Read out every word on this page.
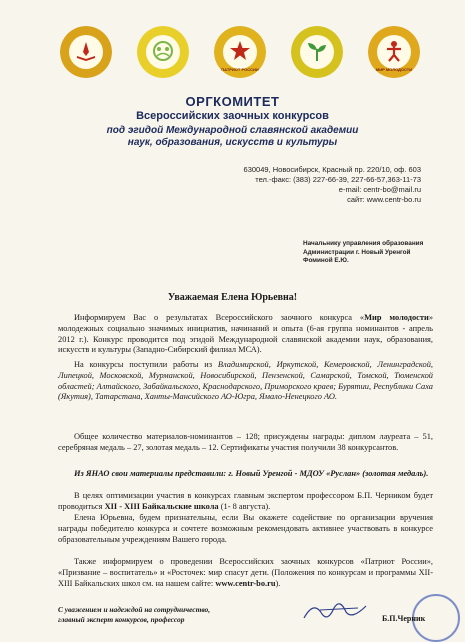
ПАТРИОТ РОССИИ	МИР МОЛОДОСТИ
ОРГКОМИТЕТ
Всероссийских заочных конкурсов
под эгидой Международной славянской академии
наук, образования, искусств и культуры
630049, Новосибирск, Красный пр. 220/10, оф. 603
тел.-факс: (383) 227-66-39, 227-66-57,363-11-73
e-mail: centr-bo@mail.ru
сайт: www.centr-bo.ru
Начальнику управления образования
Администрации г. Новый Уренгой
Фоминой Е.Ю.
Уважаемая Елена Юрьевна!

Информируем Вас о результатах Всероссийского заочного конкурса «Мир молодости» молодежных социально значимых инициатив, начинаний и опыта (6-ая группа номинантов - апрель 2012 г.). Конкурс проводится под эгидой Международной славянской академии наук, образования, искусств и культуры (Западно-Сибирский филиал МСА).

На конкурсы поступили работы из Владимирской, Иркутской, Кемеровской, Ленинградской, Липецкой, Московской, Мурманской, Новосибирской, Пензенской, Самарской, Томской, Тюменской областей; Алтайского, Забайкальского, Краснодарского, Приморского краев; Бурятии, Республики Саха (Якутия), Татарстана, Ханты-Мансийского АО-Югра, Ямало-Ненецкого АО.

Общее количество материалов-номинантов – 128; присуждены награды: диплом лауреата – 51, серебряная медаль – 27, золотая медаль – 12. Сертификаты участия получили 38 конкурсантов.

Из ЯНАО свои материалы представили: г. Новый Уренгой - МДОУ «Руслан» (золотая медаль).

В целях оптимизации участия в конкурсах главным экспертом профессором Б.П. Черником будет проводиться XII - XIII Байкальские школа (1- 8 августа).

Елена Юрьевна, будем признательны, если Вы окажете содействие по организации вручения награды победителю конкурса и сочтете возможным рекомендовать активнее участвовать в конкурсе образовательным учреждениям Вашего города.

Также информируем о проведении Всероссийских заочных конкурсов «Патриот России», «Призвание – воспитатель» и «Росточек: мир спасут дети. (Положения по конкурсам и программы XII-XIII Байкальских школ см. на нашем сайте: www.centr-bo.ru).

С уважением и надеждой на сотрудничество,
главный эксперт конкурсов, профессор	Б.П.Черник
